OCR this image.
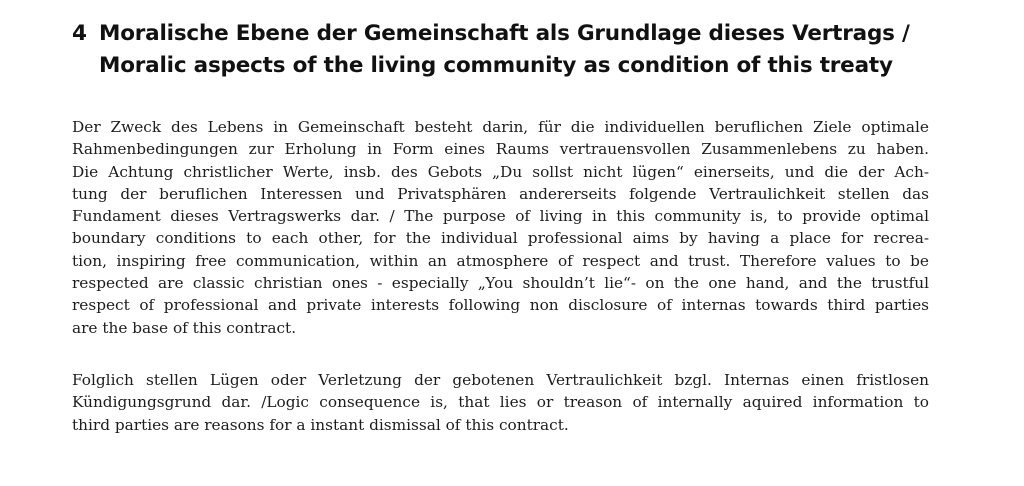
4 Moralische Ebene der Gemeinschaft als Grundlage dieses Vertrags /
Moralic aspects of the living community as condition of this treaty

Der Zweck des Lebens in Gemeinschaft besteht darin, für die individuellen beruflichen Ziele optimale
Rahmenbedingungen zur Erholung in Form eines Raums vertrauensvollen Zusammenlebens zu haben.
Die Achtung christlicher Werte, insb. des Gebots „Du sollst nicht lügen“ einerseits, und die der Ach-
tung der beruflichen Interessen und Privatsphären andererseits folgende Vertraulichkeit stellen das
Fundament dieses Vertragswerks dar. / The purpose of living in this community is, to provide optimal
boundary conditions to each other, for the individual professional aims by having a place for recrea-
tion, inspiring free communication, within an atmosphere of respect and trust. Therefore values to be
respected are classic christian ones - especially „You shouldn’t lie“- on the one hand, and the trustful
respect of professional and private interests following non disclosure of internas towards third parties
are the base of this contract.

Folglich stellen Lügen oder Verletzung der gebotenen Vertraulichkeit bzgl. Internas einen fristlosen
Kündigungsgrund dar. /Logic consequence is, that lies or treason of internally aquired information to
third parties are reasons for a instant dismissal of this contract.
